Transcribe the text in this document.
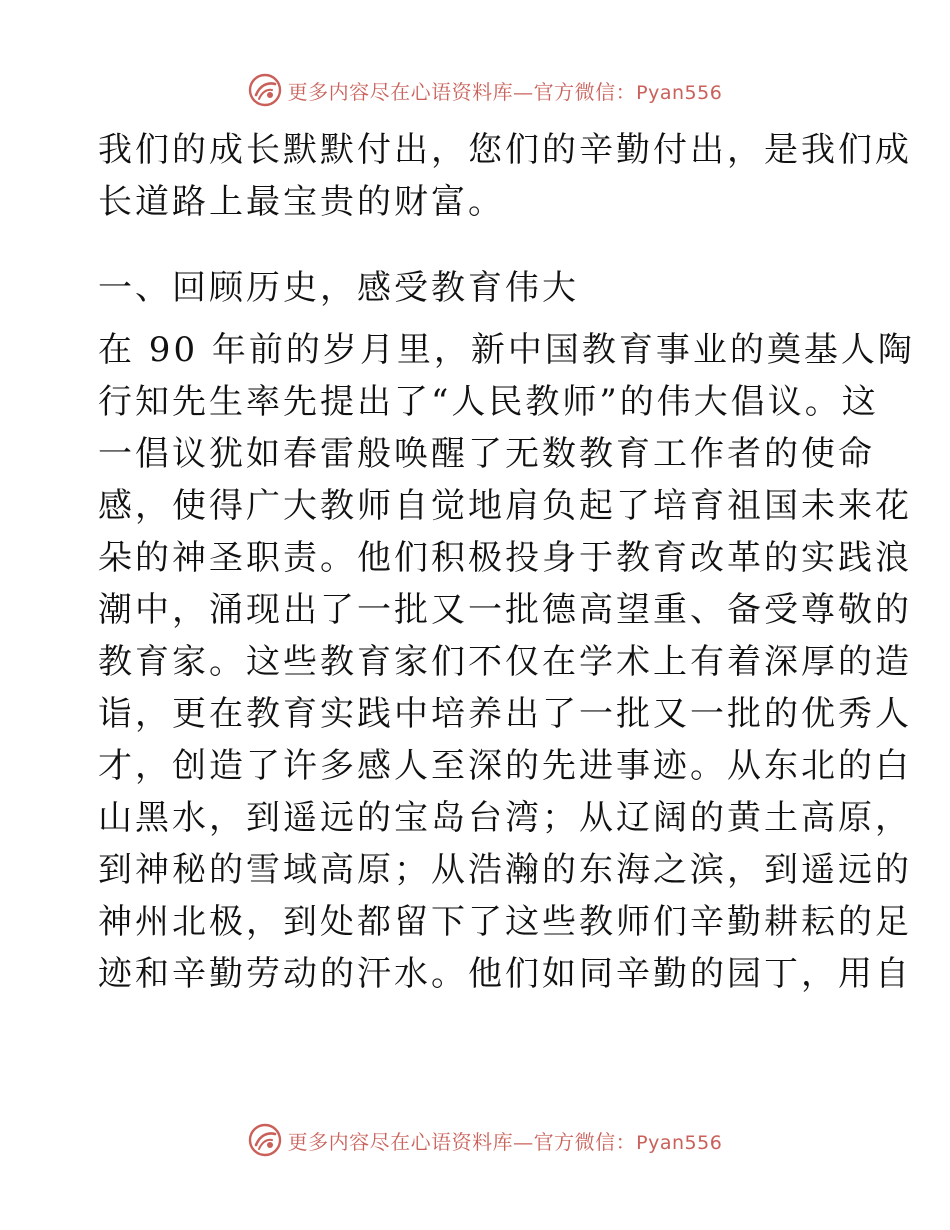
更多内容尽在心语资料库—官方微信：Pyan556
我们的成长默默付出，您们的辛勤付出，是我们成
长道路上最宝贵的财富。
一、回顾历史，感受教育伟大
在 90 年前的岁月里，新中国教育事业的奠基人陶
行知先生率先提出了“人民教师”的伟大倡议。这
一倡议犹如春雷般唤醒了无数教育工作者的使命
感，使得广大教师自觉地肩负起了培育祖国未来花
朵的神圣职责。他们积极投身于教育改革的实践浪
潮中，涌现出了一批又一批德高望重、备受尊敬的
教育家。这些教育家们不仅在学术上有着深厚的造
诣，更在教育实践中培养出了一批又一批的优秀人
才，创造了许多感人至深的先进事迹。从东北的白
山黑水，到遥远的宝岛台湾；从辽阔的黄土高原，
到神秘的雪域高原；从浩瀚的东海之滨，到遥远的
神州北极，到处都留下了这些教师们辛勤耕耘的足
迹和辛勤劳动的汗水。他们如同辛勤的园丁，用自
更多内容尽在心语资料库—官方微信：Pyan556
